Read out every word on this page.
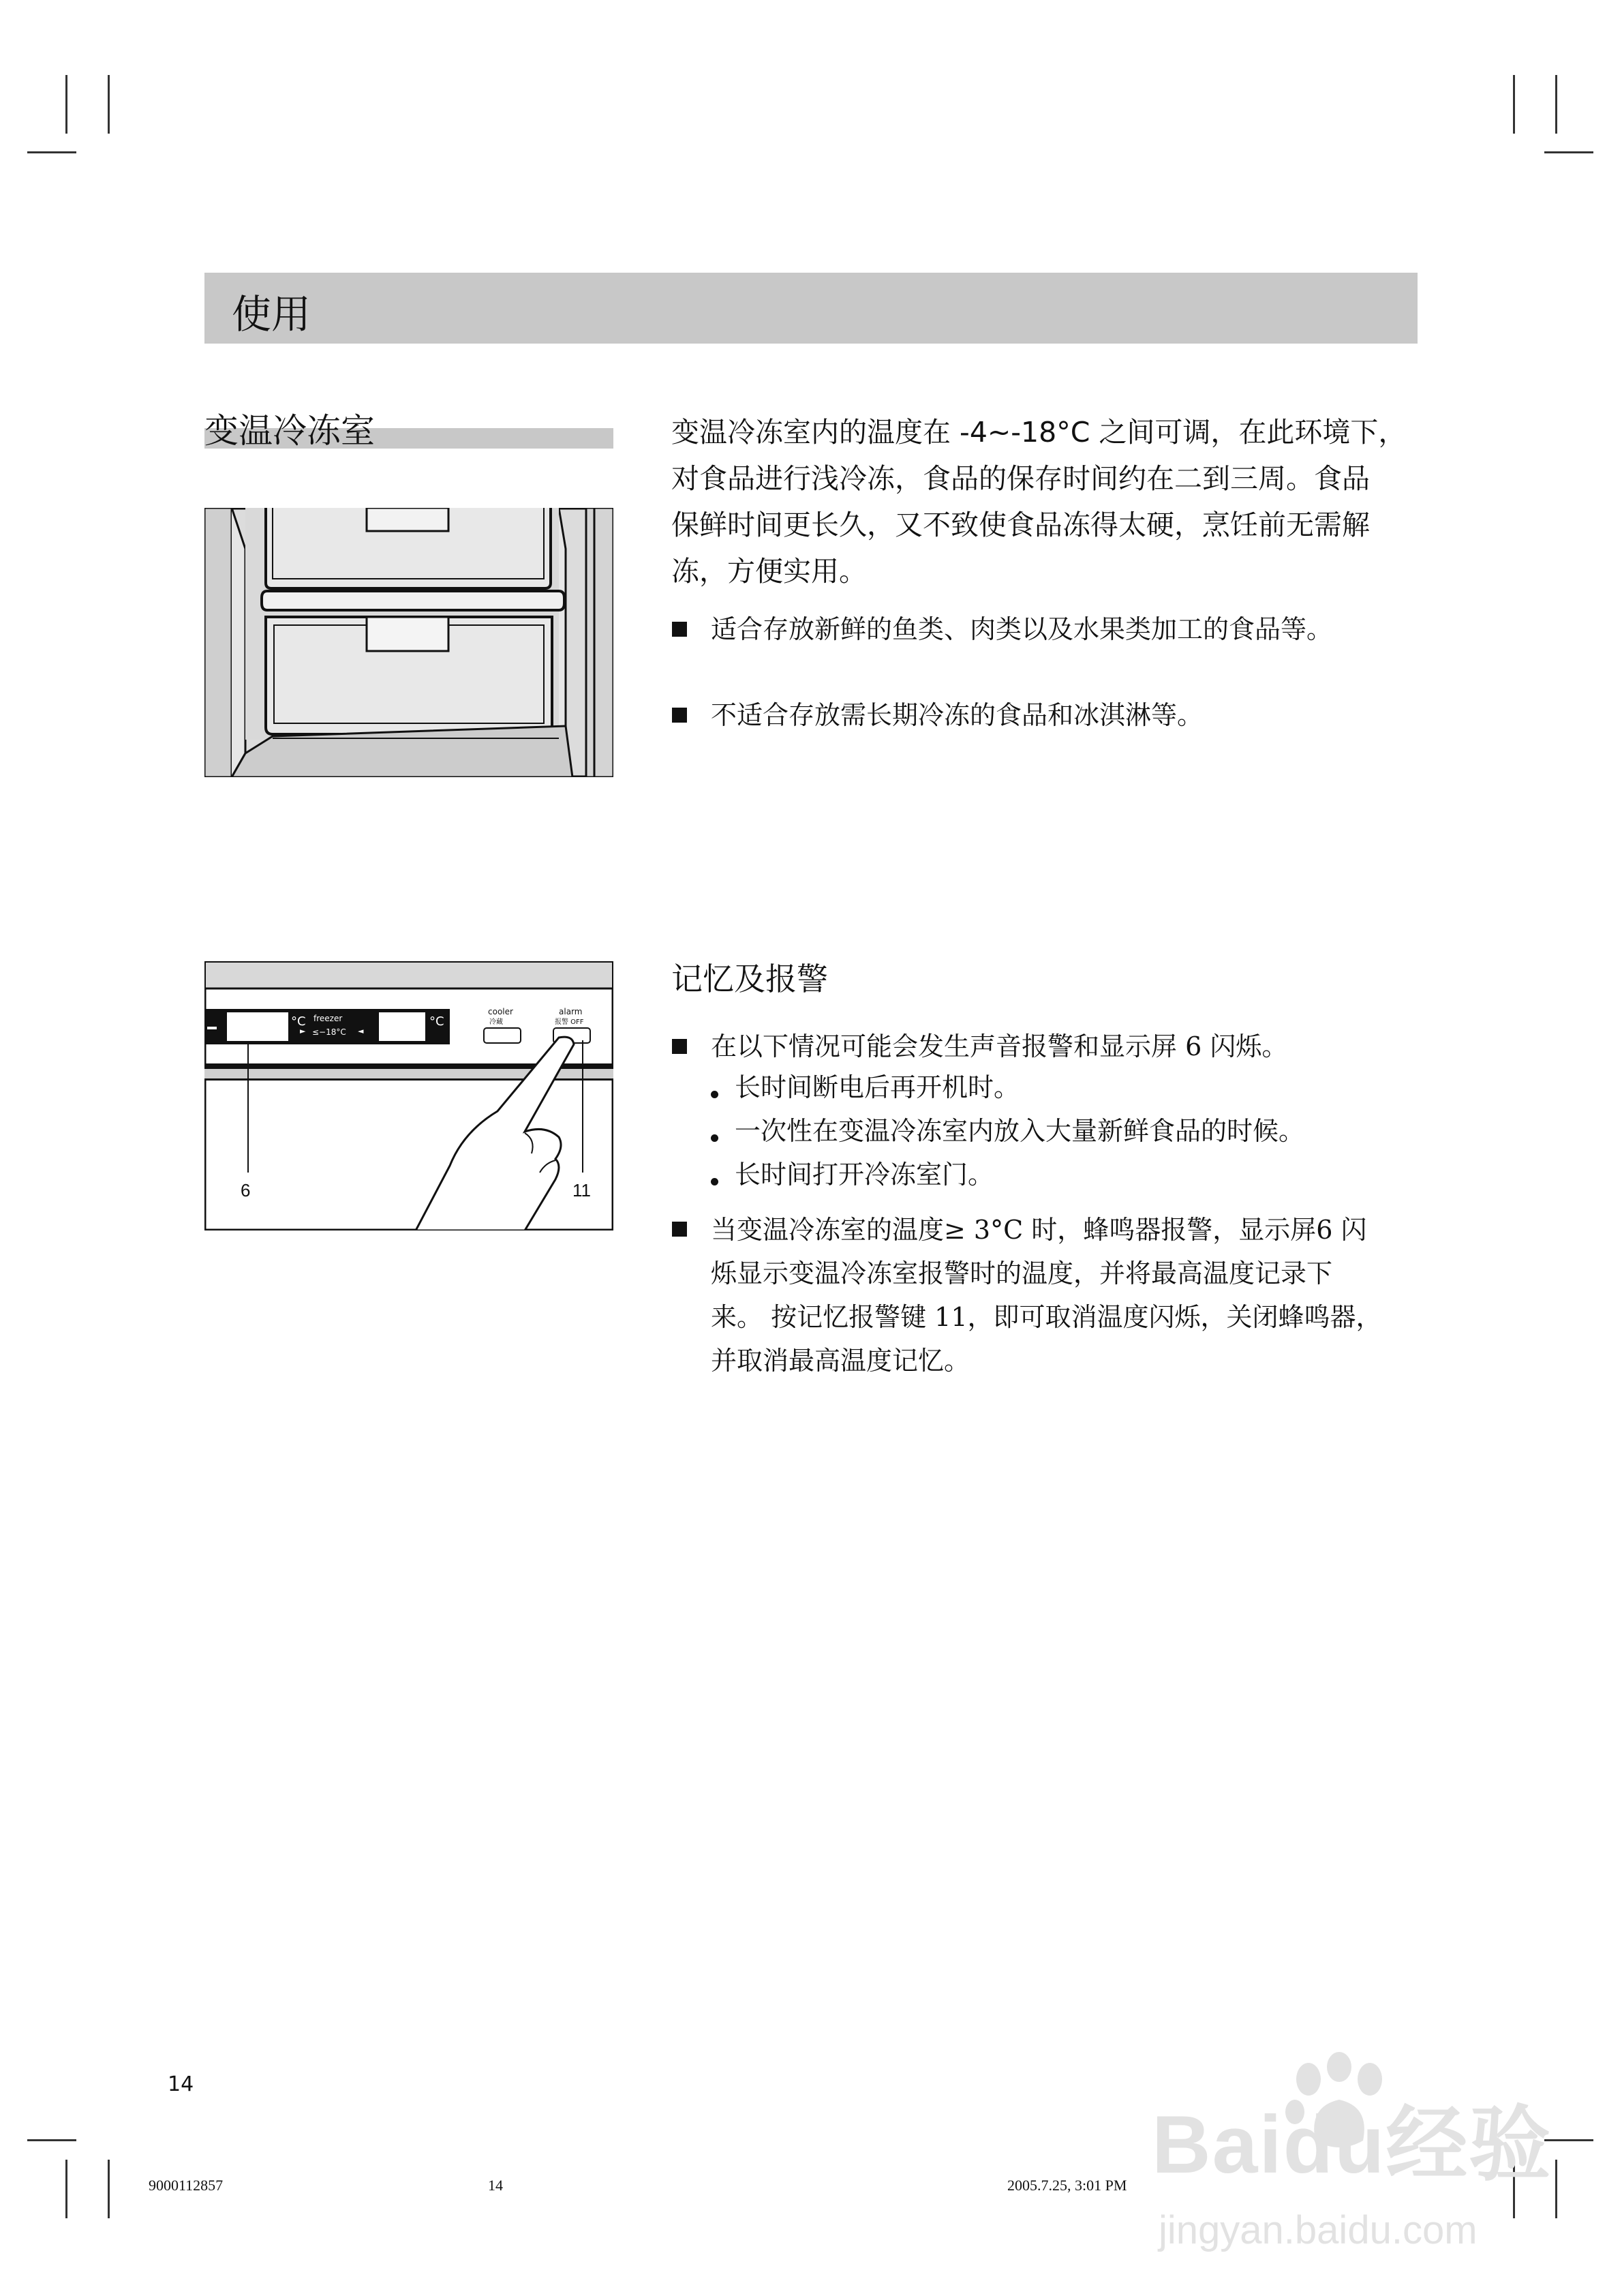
使用
变温冷冻室	变温冷冻室内的温度在 -4~-18°C 之间可调，在此环境下，
对食品进行浅冷冻，食品的保存时间约在二到三周。食品
保鲜时间更长久，又不致使食品冻得太硬，烹饪前无需解
冻，方便实用。
适合存放新鲜的鱼类、肉类以及水果类加工的食品等。
不适合存放需长期冷冻的食品和冰淇淋等。
°C freezer
►	◄
≤−18°C
°C
cooler
冷藏
alarm
报警 OFF
6	11
记忆及报警
在以下情况可能会发生声音报警和显示屏 6 闪烁。
长时间断电后再开机时。
一次性在变温冷冻室内放入大量新鲜食品的时候。
长时间打开冷冻室门。
当变温冷冻室的温度≥ 3°C 时，蜂鸣器报警，显示屏6 闪
烁显示变温冷冻室报警时的温度，并将最高温度记录下
来。 按记忆报警键 11，即可取消温度闪烁，关闭蜂鸣器，
并取消最高温度记忆。
14
9000112857	14	2005.7.25, 3:01 PM Baidu经验
jingyan.baidu.com
